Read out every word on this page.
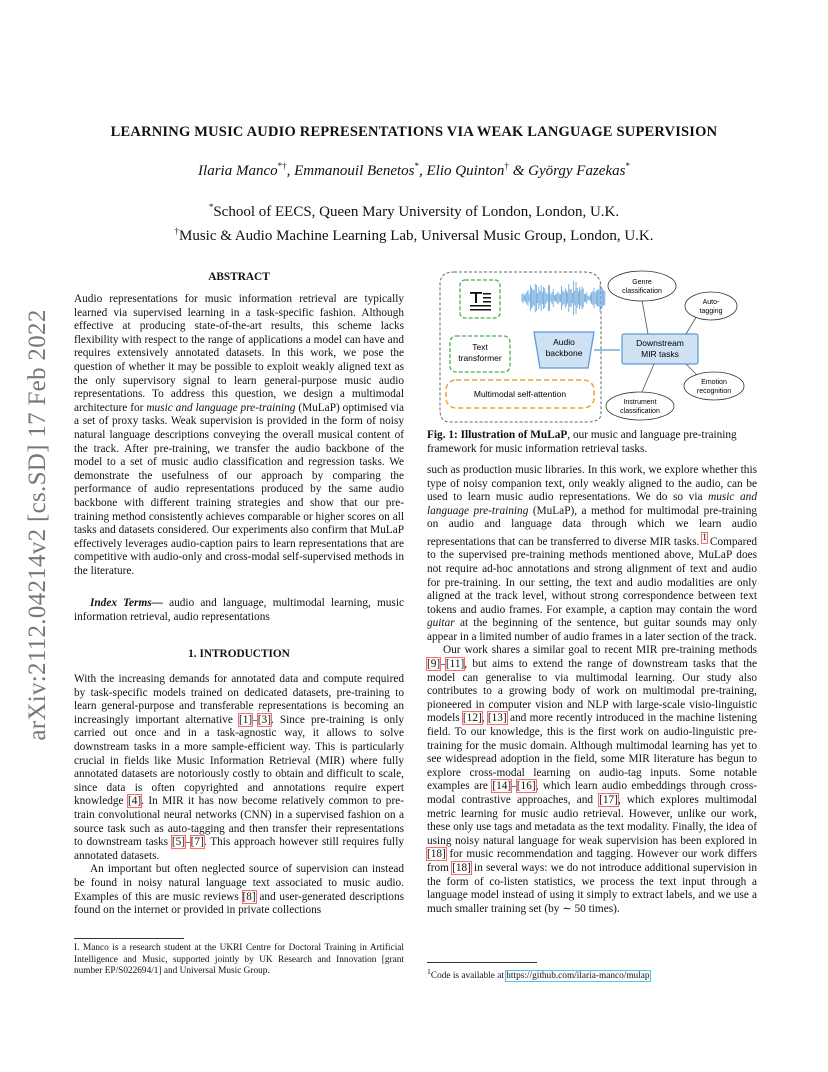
arXiv:2112.04214v2 [cs.SD] 17 Feb 2022
LEARNING MUSIC AUDIO REPRESENTATIONS VIA WEAK LANGUAGE SUPERVISION
Ilaria Manco*†, Emmanouil Benetos*, Elio Quinton† & György Fazekas*
*School of EECS, Queen Mary University of London, London, U.K.
†Music & Audio Machine Learning Lab, Universal Music Group, London, U.K.
ABSTRACT

Audio representations for music information retrieval are typically learned via supervised learning in a task-specific fashion. Although effective at producing state-of-the-art results, this scheme lacks flexibility with respect to the range of applications a model can have and requires extensively annotated datasets. In this work, we pose the question of whether it may be possible to exploit weakly aligned text as the only supervisory signal to learn general-purpose music audio representations. To address this question, we design a multimodal architecture for music and language pre-training (MuLaP) optimised via a set of proxy tasks. Weak supervision is provided in the form of noisy natural language descriptions conveying the overall musical content of the track. After pre-training, we transfer the audio backbone of the model to a set of music audio classification and regression tasks. We demonstrate the usefulness of our approach by comparing the performance of audio representations produced by the same audio backbone with different training strategies and show that our pre-training method consistently achieves comparable or higher scores on all tasks and datasets considered. Our experiments also confirm that MuLaP effectively leverages audio-caption pairs to learn representations that are competitive with audio-only and cross-modal self-supervised methods in the literature.

Index Terms— audio and language, multimodal learning, music information retrieval, audio representations

1. INTRODUCTION

With the increasing demands for annotated data and compute required by task-specific models trained on dedicated datasets, pre-training to learn general-purpose and transferable representations is becoming an increasingly important alternative [1]–[3]. Since pre-training is only carried out once and in a task-agnostic way, it allows to solve downstream tasks in a more sample-efficient way. This is particularly crucial in fields like Music Information Retrieval (MIR) where fully annotated datasets are notoriously costly to obtain and difficult to scale, since data is often copyrighted and annotations require expert knowledge [4]. In MIR it has now become relatively common to pre-train convolutional neural networks (CNN) in a supervised fashion on a source task such as auto-tagging and then transfer their representations to downstream tasks [5]–[7]. This approach however still requires fully annotated datasets.

An important but often neglected source of supervision can instead be found in noisy natural language text associated to music audio. Examples of this are music reviews [8] and user-generated descriptions found on the internet or provided in private collections

I. Manco is a research student at the UKRI Centre for Doctoral Training in Artificial Intelligence and Music, supported jointly by UK Research and Innovation [grant number EP/S022694/1] and Universal Music Group.
Text
transformer
Audio
backbone
Multimodal self-attention
Downstream
MIR tasks
Genre
classification
Auto-
tagging
Emotion
recognition
Instrument
classification
Fig. 1: Illustration of MuLaP, our music and language pre-training framework for music information retrieval tasks.

such as production music libraries. In this work, we explore whether this type of noisy companion text, only weakly aligned to the audio, can be used to learn music audio representations. We do so via music and language pre-training (MuLaP), a method for multimodal pre-training on audio and language data through which we learn audio representations that can be transferred to diverse MIR tasks. $^1$ Compared to the supervised pre-training methods mentioned above, MuLaP does not require ad-hoc annotations and strong alignment of text and audio for pre-training. In our setting, the text and audio modalities are only aligned at the track level, without strong correspondence between text tokens and audio frames. For example, a caption may contain the word guitar at the beginning of the sentence, but guitar sounds may only appear in a limited number of audio frames in a later section of the track.

Our work shares a similar goal to recent MIR pre-training methods [9]–[11], but aims to extend the range of downstream tasks that the model can generalise to via multimodal learning. Our study also contributes to a growing body of work on multimodal pre-training, pioneered in computer vision and NLP with large-scale visio-linguistic models [12], [13] and more recently introduced in the machine listening field. To our knowledge, this is the first work on audio-linguistic pre-training for the music domain. Although multimodal learning has yet to see widespread adoption in the field, some MIR literature has begun to explore cross-modal learning on audio-tag inputs. Some notable examples are [14]–[16], which learn audio embeddings through cross-modal contrastive approaches, and [17], which explores multimodal metric learning for music audio retrieval. However, unlike our work, these only use tags and metadata as the text modality. Finally, the idea of using noisy natural language for weak supervision has been explored in [18] for music recommendation and tagging. However our work differs from [18] in several ways: we do not introduce additional supervision in the form of co-listen statistics, we process the text input through a language model instead of using it simply to extract labels, and we use a much smaller training set (by ∼ 50 times).

$^1$Code is available at https://github.com/ilaria-manco/mulap
